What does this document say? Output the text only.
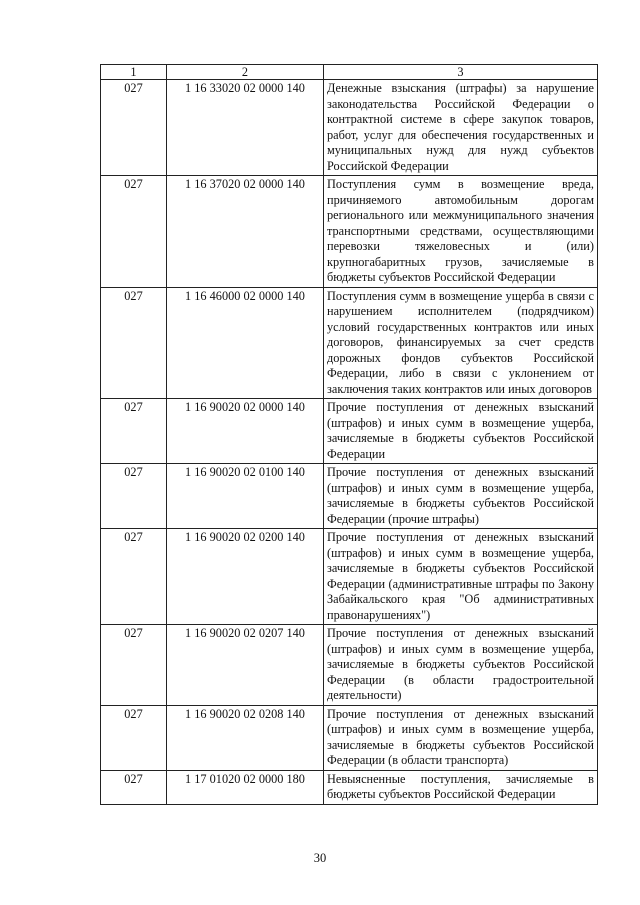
1	2	3
027	1 16 33020 02 0000 140	Денежные взыскания (штрафы) за нарушение законодательства Российской Федерации о контрактной системе в сфере закупок товаров, работ, услуг для обеспечения государственных и муниципальных нужд для нужд субъектов Российской Федерации
027	1 16 37020 02 0000 140	Поступления сумм в возмещение вреда, причиняемого автомобильным дорогам регионального или межмуниципального значения транспортными средствами, осуществляющими перевозки тяжеловесных и (или) крупногабаритных грузов, зачисляемые в бюджеты субъектов Российской Федерации
027	1 16 46000 02 0000 140	Поступления сумм в возмещение ущерба в связи с нарушением исполнителем (подрядчиком) условий государственных контрактов или иных договоров, финансируемых за счет средств дорожных фондов субъектов Российской Федерации, либо в связи с уклонением от заключения таких контрактов или иных договоров
027	1 16 90020 02 0000 140	Прочие поступления от денежных взысканий (штрафов) и иных сумм в возмещение ущерба, зачисляемые в бюджеты субъектов Российской Федерации
027	1 16 90020 02 0100 140	Прочие поступления от денежных взысканий (штрафов) и иных сумм в возмещение ущерба, зачисляемые в бюджеты субъектов Российской Федерации (прочие штрафы)
027	1 16 90020 02 0200 140	Прочие поступления от денежных взысканий (штрафов) и иных сумм в возмещение ущерба, зачисляемые в бюджеты субъектов Российской Федерации (административные штрафы по Закону Забайкальского края "Об административных правонарушениях")
027	1 16 90020 02 0207 140	Прочие поступления от денежных взысканий (штрафов) и иных сумм в возмещение ущерба, зачисляемые в бюджеты субъектов Российской Федерации (в области градостроительной деятельности)
027	1 16 90020 02 0208 140	Прочие поступления от денежных взысканий (штрафов) и иных сумм в возмещение ущерба, зачисляемые в бюджеты субъектов Российской Федерации (в области транспорта)
027	1 17 01020 02 0000 180	Невыясненные поступления, зачисляемые в бюджеты субъектов Российской Федерации
30
